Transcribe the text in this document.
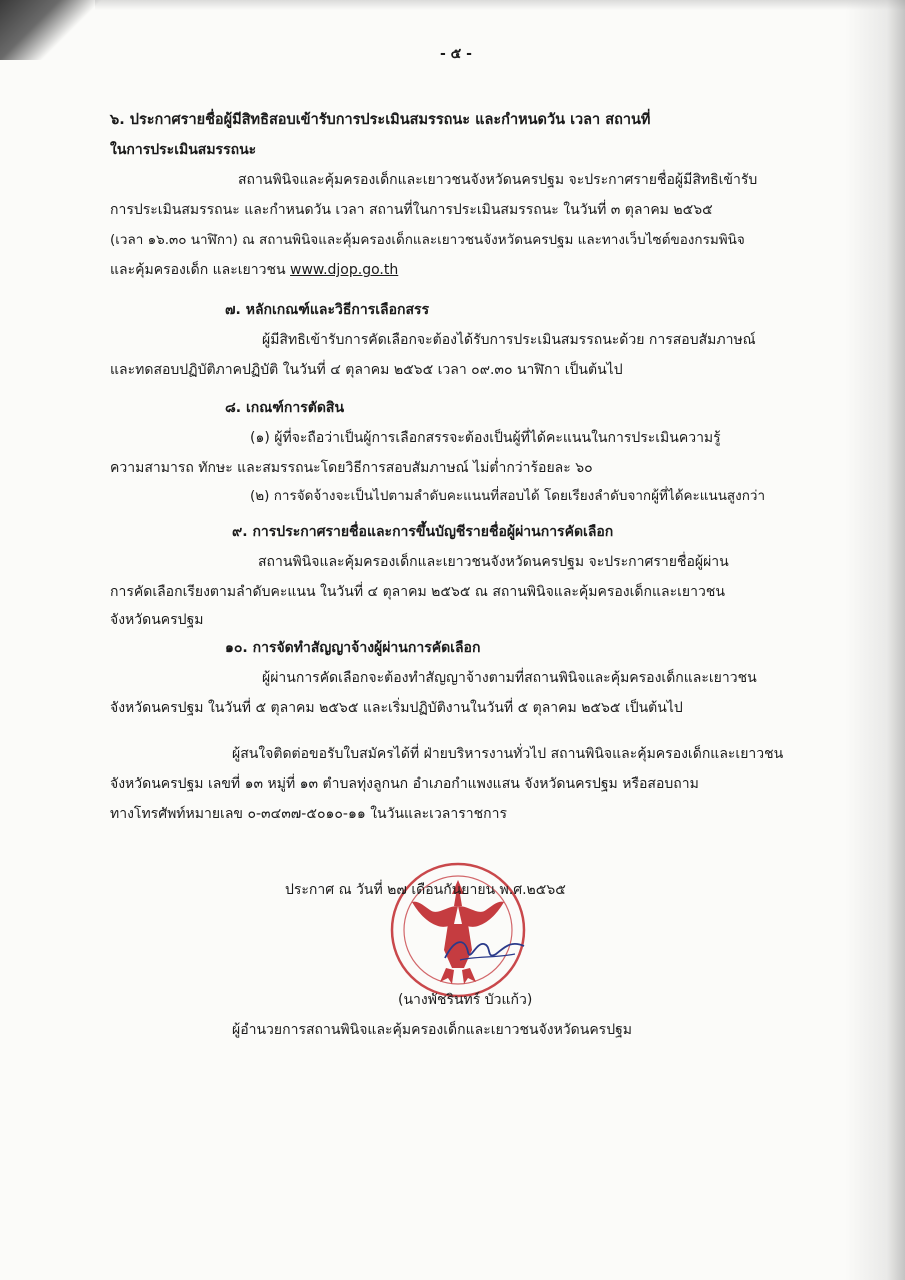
- ๕ -
๖. ประกาศรายชื่อผู้มีสิทธิสอบเข้ารับการประเมินสมรรถนะ และกำหนดวัน เวลา สถานที่
ในการประเมินสมรรถนะ
สถานพินิจและคุ้มครองเด็กและเยาวชนจังหวัดนครปฐม จะประกาศรายชื่อผู้มีสิทธิเข้ารับ
การประเมินสมรรถนะ และกำหนดวัน เวลา สถานที่ในการประเมินสมรรถนะ ในวันที่ ๓ ตุลาคม ๒๕๖๕
(เวลา ๑๖.๓๐ นาฬิกา) ณ สถานพินิจและคุ้มครองเด็กและเยาวชนจังหวัดนครปฐม และทางเว็บไซต์ของกรมพินิจ
และคุ้มครองเด็ก และเยาวชน www.djop.go.th
๗. หลักเกณฑ์และวิธีการเลือกสรร
ผู้มีสิทธิเข้ารับการคัดเลือกจะต้องได้รับการประเมินสมรรถนะด้วย การสอบสัมภาษณ์
และทดสอบปฏิบัติภาคปฏิบัติ ในวันที่ ๔ ตุลาคม ๒๕๖๕ เวลา ๐๙.๓๐ นาฬิกา เป็นต้นไป
๘. เกณฑ์การตัดสิน
(๑) ผู้ที่จะถือว่าเป็นผู้การเลือกสรรจะต้องเป็นผู้ที่ได้คะแนนในการประเมินความรู้
ความสามารถ ทักษะ และสมรรถนะโดยวิธีการสอบสัมภาษณ์ ไม่ต่ำกว่าร้อยละ ๖๐
(๒) การจัดจ้างจะเป็นไปตามลำดับคะแนนที่สอบได้ โดยเรียงลำดับจากผู้ที่ได้คะแนนสูงกว่า
๙. การประกาศรายชื่อและการขึ้นบัญชีรายชื่อผู้ผ่านการคัดเลือก
สถานพินิจและคุ้มครองเด็กและเยาวชนจังหวัดนครปฐม จะประกาศรายชื่อผู้ผ่าน
การคัดเลือกเรียงตามลำดับคะแนน ในวันที่ ๔ ตุลาคม ๒๕๖๕ ณ สถานพินิจและคุ้มครองเด็กและเยาวชน
จังหวัดนครปฐม
๑๐. การจัดทำสัญญาจ้างผู้ผ่านการคัดเลือก
ผู้ผ่านการคัดเลือกจะต้องทำสัญญาจ้างตามที่สถานพินิจและคุ้มครองเด็กและเยาวชน
จังหวัดนครปฐม ในวันที่ ๕ ตุลาคม ๒๕๖๕ และเริ่มปฏิบัติงานในวันที่ ๕ ตุลาคม ๒๕๖๕ เป็นต้นไป
ผู้สนใจติดต่อขอรับใบสมัครได้ที่ ฝ่ายบริหารงานทั่วไป สถานพินิจและคุ้มครองเด็กและเยาวชน
จังหวัดนครปฐม เลขที่ ๑๓ หมู่ที่ ๑๓ ตำบลทุ่งลูกนก อำเภอกำแพงแสน จังหวัดนครปฐม หรือสอบถาม
ทางโทรศัพท์หมายเลข ๐-๓๔๓๗-๕๐๑๐-๑๑ ในวันและเวลาราชการ
ประกาศ ณ วันที่ ๒๗ เดือนกันยายน พ.ศ.๒๕๖๕
(นางพัชรินทร์ บัวแก้ว)
ผู้อำนวยการสถานพินิจและคุ้มครองเด็กและเยาวชนจังหวัดนครปฐม
